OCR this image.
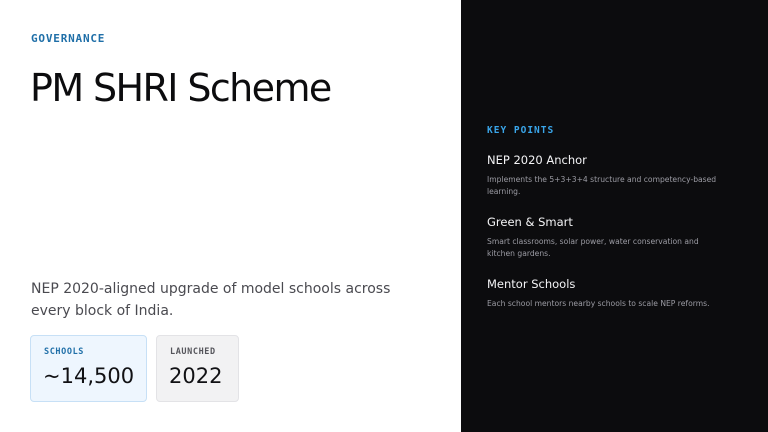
GOVERNANCE
PM SHRI Scheme
NEP 2020-aligned upgrade of model schools across every block of India.
SCHOOLS
~14,500
LAUNCHED
2022
KEY POINTS
NEP 2020 Anchor
Implements the 5+3+3+4 structure and competency-based learning.
Green & Smart
Smart classrooms, solar power, water conservation and kitchen gardens.
Mentor Schools
Each school mentors nearby schools to scale NEP reforms.
